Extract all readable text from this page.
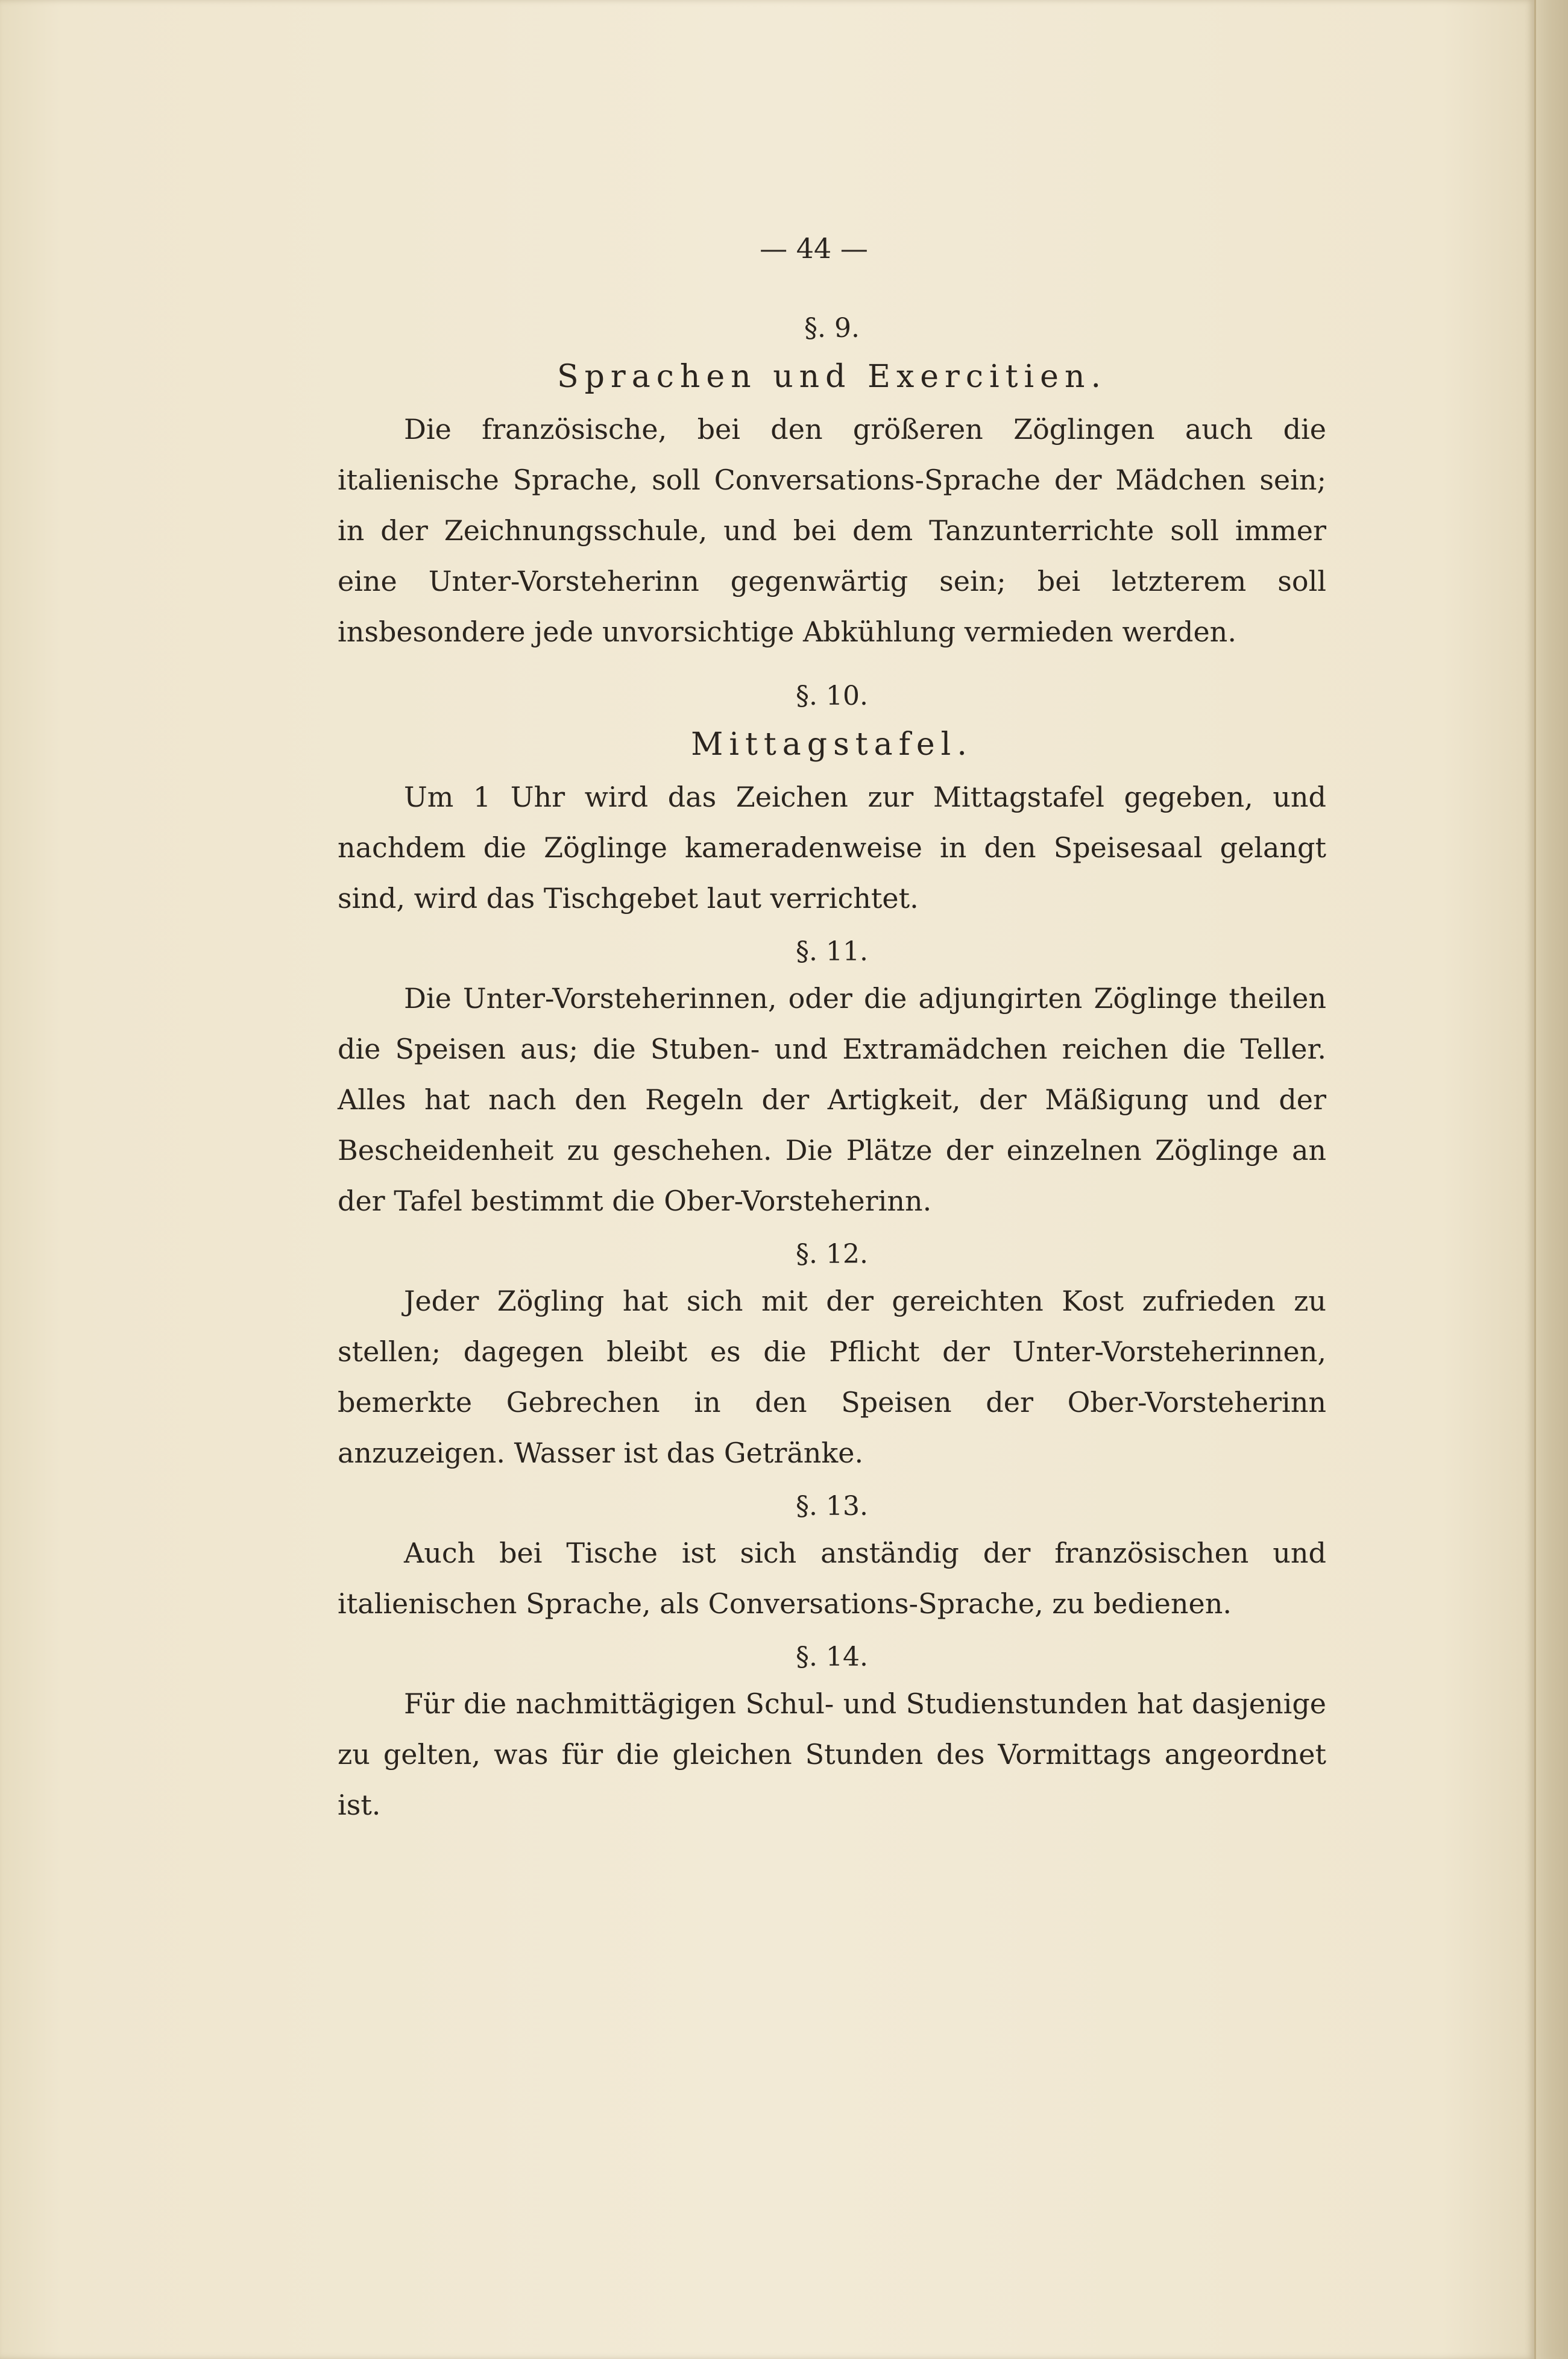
— 44 —

§. 9.

Sprachen und Exercitien.

Die französische, bei den größeren Zöglingen auch die italienische Sprache, soll Conversations-Sprache der Mädchen sein; in der Zeichnungsschule, und bei dem Tanzunterrichte soll immer eine Unter-Vorsteherinn gegenwärtig sein; bei letzterem soll insbesondere jede unvorsichtige Abkühlung vermieden werden.

§. 10.

Mittagstafel.

Um 1 Uhr wird das Zeichen zur Mittagstafel gegeben, und nachdem die Zöglinge kameradenweise in den Speisesaal gelangt sind, wird das Tischgebet laut verrichtet.

§. 11.

Die Unter-Vorsteherinnen, oder die adjungirten Zöglinge theilen die Speisen aus; die Stuben- und Extramädchen reichen die Teller. Alles hat nach den Regeln der Artigkeit, der Mäßigung und der Bescheidenheit zu geschehen. Die Plätze der einzelnen Zöglinge an der Tafel bestimmt die Ober-Vorsteherinn.

§. 12.

Jeder Zögling hat sich mit der gereichten Kost zufrieden zu stellen; dagegen bleibt es die Pflicht der Unter-Vorsteherinnen, bemerkte Gebrechen in den Speisen der Ober-Vorsteherinn anzuzeigen. Wasser ist das Getränke.

§. 13.

Auch bei Tische ist sich anständig der französischen und italienischen Sprache, als Conversations-Sprache, zu bedienen.

§. 14.

Für die nachmittägigen Schul- und Studienstunden hat dasjenige zu gelten, was für die gleichen Stunden des Vormittags angeordnet ist.
